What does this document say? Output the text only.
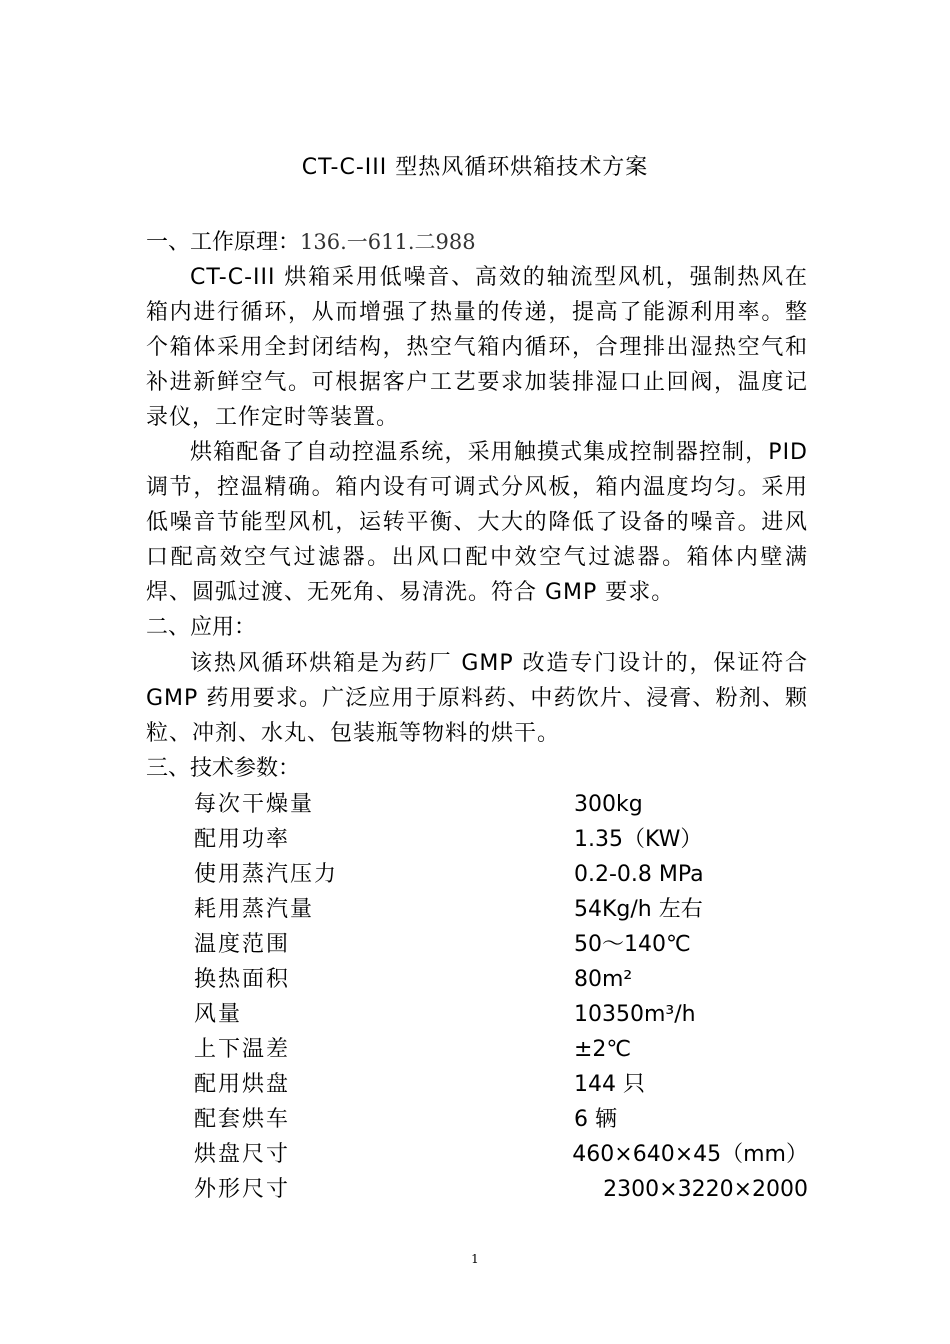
CT-C-III 型热风循环烘箱技术方案
一、工作原理：136.一611.二988

CT-C-III 烘箱采用低噪音、高效的轴流型风机，强制热风在箱内进行循环，从而增强了热量的传递，提高了能源利用率。整个箱体采用全封闭结构，热空气箱内循环，合理排出湿热空气和补进新鲜空气。可根据客户工艺要求加装排湿口止回阀，温度记录仪，工作定时等装置。

烘箱配备了自动控温系统，采用触摸式集成控制器控制，PID 调节，控温精确。箱内设有可调式分风板，箱内温度均匀。采用低噪音节能型风机，运转平衡、大大的降低了设备的噪音。进风口配高效空气过滤器。出风口配中效空气过滤器。箱体内壁满焊、圆弧过渡、无死角、易清洗。符合 GMP 要求。

二、应用：

该热风循环烘箱是为药厂 GMP 改造专门设计的，保证符合 GMP 药用要求。广泛应用于原料药、中药饮片、浸膏、粉剂、颗粒、冲剂、水丸、包装瓶等物料的烘干。

三、技术参数：
每次干燥量	300kg
配用功率	1.35（KW）
使用蒸汽压力	0.2-0.8 MPa
耗用蒸汽量	54Kg/h 左右
温度范围	50～140℃
换热面积	80m²
风量	10350m³/h
上下温差	±2℃
配用烘盘	144 只
配套烘车	6 辆
烘盘尺寸	460×640×45（mm）
外形尺寸	2300×3220×2000
1
